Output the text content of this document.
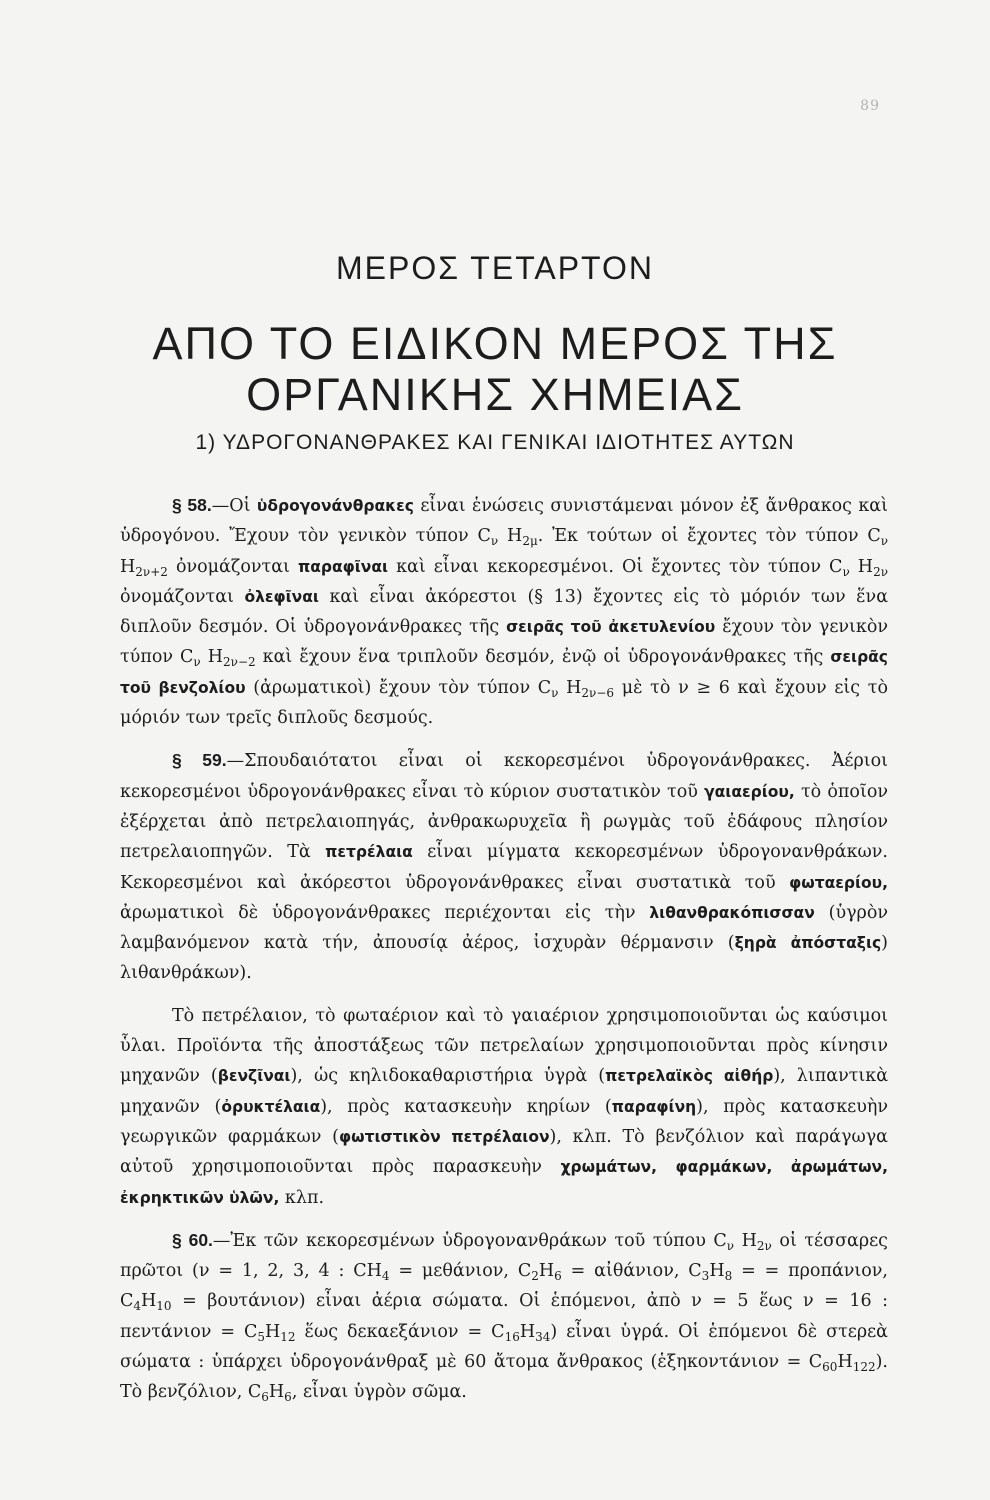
89
ΜΕΡΟΣ ΤΕΤΑΡΤΟΝ
ΑΠΟ ΤΟ ΕΙΔΙΚΟΝ ΜΕΡΟΣ ΤΗΣ
ΟΡΓΑΝΙΚΗΣ ΧΗΜΕΙΑΣ
1) ΥΔΡΟΓΟΝΑΝΘΡΑΚΕΣ ΚΑΙ ΓΕΝΙΚΑΙ ΙΔΙΟΤΗΤΕΣ ΑΥΤΩΝ

§ 58.—Οἱ ὑδρογονάνθρακες εἶναι ἑνώσεις συνιστάμεναι μόνον ἐξ ἄνθρακος καὶ ὑδρογόνου. Ἔχουν τὸν γενικὸν τύπον $C_\nu$ $H_{2\mu}$. Ἐκ τούτων οἱ ἔχοντες τὸν τύπον $C_\nu$ $H_{2\nu+2}$ ὀνομάζονται παραφῖναι καὶ εἶναι κεκορεσμένοι. Οἱ ἔχοντες τὸν τύπον $C_\nu$ $H_{2\nu}$ ὀνομάζονται ὀλεφῖναι καὶ εἶναι ἀκόρεστοι (§ 13) ἔχοντες εἰς τὸ μόριόν των ἕνα διπλοῦν δεσμόν. Οἱ ὑδρογονάνθρακες τῆς σειρᾶς τοῦ ἀκετυλενίου ἔχουν τὸν γενικὸν τύπον $C_\nu$ $H_{2\nu-2}$ καὶ ἔχουν ἕνα τριπλοῦν δεσμόν, ἐνῷ οἱ ὑδρογονάνθρακες τῆς σειρᾶς τοῦ βενζολίου (ἀρωματικοὶ) ἔχουν τὸν τύπον $C_\nu$ $H_{2\nu-6}$ μὲ τὸ ν ≥ 6 καὶ ἔχουν εἰς τὸ μόριόν των τρεῖς διπλοῦς δεσμούς.

§ 59.—Σπουδαιότατοι εἶναι οἱ κεκορεσμένοι ὑδρογονάνθρακες. Ἀέριοι κεκορεσμένοι ὑδρογονάνθρακες εἶναι τὸ κύριον συστατικὸν τοῦ γαιαερίου, τὸ ὁποῖον ἐξέρχεται ἀπὸ πετρελαιοπηγάς, ἀνθρακωρυχεῖα ἢ ρωγμὰς τοῦ ἐδάφους πλησίον πετρελαιοπηγῶν. Τὰ πετρέλαια εἶναι μίγματα κεκορεσμένων ὑδρογονανθράκων. Κεκορεσμένοι καὶ ἀκόρεστοι ὑδρογονάνθρακες εἶναι συστατικὰ τοῦ φωταερίου, ἀρωματικοὶ δὲ ὑδρογονάνθρακες περιέχονται εἰς τὴν λιθανθρακόπισσαν (ὑγρὸν λαμβανόμενον κατὰ τήν, ἀπουσίᾳ ἀέρος, ἰσχυρὰν θέρμανσιν (ξηρὰ ἀπόσταξις) λιθανθράκων).

Τὸ πετρέλαιον, τὸ φωταέριον καὶ τὸ γαιαέριον χρησιμοποιοῦνται ὡς καύσιμοι ὗλαι. Προϊόντα τῆς ἀποστάξεως τῶν πετρελαίων χρησιμοποιοῦνται πρὸς κίνησιν μηχανῶν (βενζῖναι), ὡς κηλιδοκαθαριστήρια ὑγρὰ (πετρελαϊκὸς αἰθήρ), λιπαντικὰ μηχανῶν (ὀρυκτέλαια), πρὸς κατασκευὴν κηρίων (παραφίνη), πρὸς κατασκευὴν γεωργικῶν φαρμάκων (φωτιστικὸν πετρέλαιον), κλπ. Τὸ βενζόλιον καὶ παράγωγα αὐτοῦ χρησιμοποιοῦνται πρὸς παρασκευὴν χρωμάτων, φαρμάκων, ἀρωμάτων, ἐκρηκτικῶν ὑλῶν, κλπ.

§ 60.—Ἐκ τῶν κεκορεσμένων ὑδρογονανθράκων τοῦ τύπου $C_\nu$ $H_{2\nu}$ οἱ τέσσαρες πρῶτοι (ν = 1, 2, 3, 4 : $CH_4 = \mu\varepsilon\theta ά\nu\iota o\nu$, $C_2H_6$ = αἰθάνιον, $C_3H_8$ = = προπάνιον, $C_4H_{10} = \beta o\upsilon\tau ά\nu\iota o\nu$) εἶναι ἀέρια σώματα. Οἱ ἑπόμενοι, ἀπὸ ν = 5 ἕως ν = 16 : $\pi\varepsilon\nu\tau ά\nu\iota o\nu = C_5H_{12}$ ἕως $\delta\varepsilon\kappa\alpha\varepsilon\xi ά\nu\iota o\nu = C_{16}H_{34}$) εἶναι ὑγρά. Οἱ ἑπόμενοι δὲ στερεὰ σώματα : ὑπάρχει ὑδρογονάνθραξ μὲ 60 ἄτομα ἄνθρακος (ἑξηκοντάνιον = $C_{60}H_{122}$). Τὸ βενζόλιον, $C_6H_6$, εἶναι ὑγρὸν σῶμα.
